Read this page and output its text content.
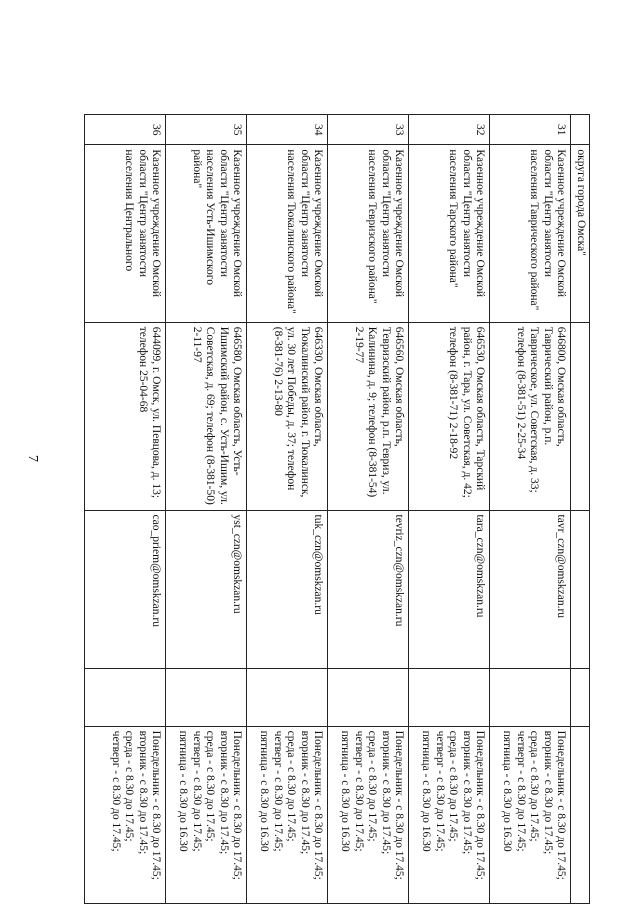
7
	округа города Омска"				
31	Казенное учреждение Омской области "Центр занятости населения Таврического района"	646800, Омская область, Таврический район, р.п. Таврическое, ул. Советская, д. 33; телефон (8-381-51) 2-25-34	tavr_czn@omskzan.ru		Понедельник - с 8.30 до 17.45;
вторник - с 8.30 до 17.45;
среда - с 8.30 до 17.45;
четверг - с 8.30 до 17.45;
пятница - с 8.30 до 16.30
32	Казенное учреждение Омской области "Центр занятости населения Тарского района"	646530, Омская область, Тарский район, г. Тара, ул. Советская, д. 42; телефон (8-381-71) 2-18-92	tara_czn@omskzan.ru		Понедельник - с 8.30 до 17.45;
вторник - с 8.30 до 17.45;
среда - с 8.30 до 17.45;
четверг - с 8.30 до 17.45;
пятница - с 8.30 до 16.30
33	Казенное учреждение Омской области "Центр занятости населения Тевризского района"	646560, Омская область, Тевризский район, р.п. Тевриз, ул. Калинина, д. 9; телефон (8-381-54) 2-19-77	tevriz_czn@omskzan.ru		Понедельник - с 8.30 до 17.45;
вторник - с 8.30 до 17.45;
среда - с 8.30 до 17.45;
четверг - с 8.30 до 17.45;
пятница - с 8.30 до 16.30
34	Казенное учреждение Омской области "Центр занятости населения Тюкалинского района"	646330, Омская область, Тюкалинский район, г. Тюкалинск, ул. 30 лет Победы, д. 37; телефон (8-381-76) 2-13-80	tuk_czn@omskzan.ru		Понедельник - с 8.30 до 17.45;
вторник - с 8.30 до 17.45;
среда - с 8.30 до 17.45;
четверг - с 8.30 до 17.45;
пятница - с 8.30 до 16.30
35	Казенное учреждение Омской области "Центр занятости населения Усть-Ишимского района"	646580, Омская область, Усть-Ишимский район, с. Усть-Ишим, ул. Советская, д. 69; телефон (8-381-50) 2-11-97	yst_czn@omskzan.ru		Понедельник - с 8.30 до 17.45;
вторник - с 8.30 до 17.45;
среда - с 8.30 до 17.45;
четверг - с 8.30 до 17.45;
пятница - с 8.30 до 16.30
36	Казенное учреждение Омской области "Центр занятости населения Центрального	644099, г. Омск, ул. Певцова, д. 13; телефон 25-04-68	cao_priem@omskzan.ru		Понедельник - с 8.30 до 17.45;
вторник - с 8.30 до 17.45;
среда - с 8.30 до 17.45;
четверг - с 8.30 до 17.45;
